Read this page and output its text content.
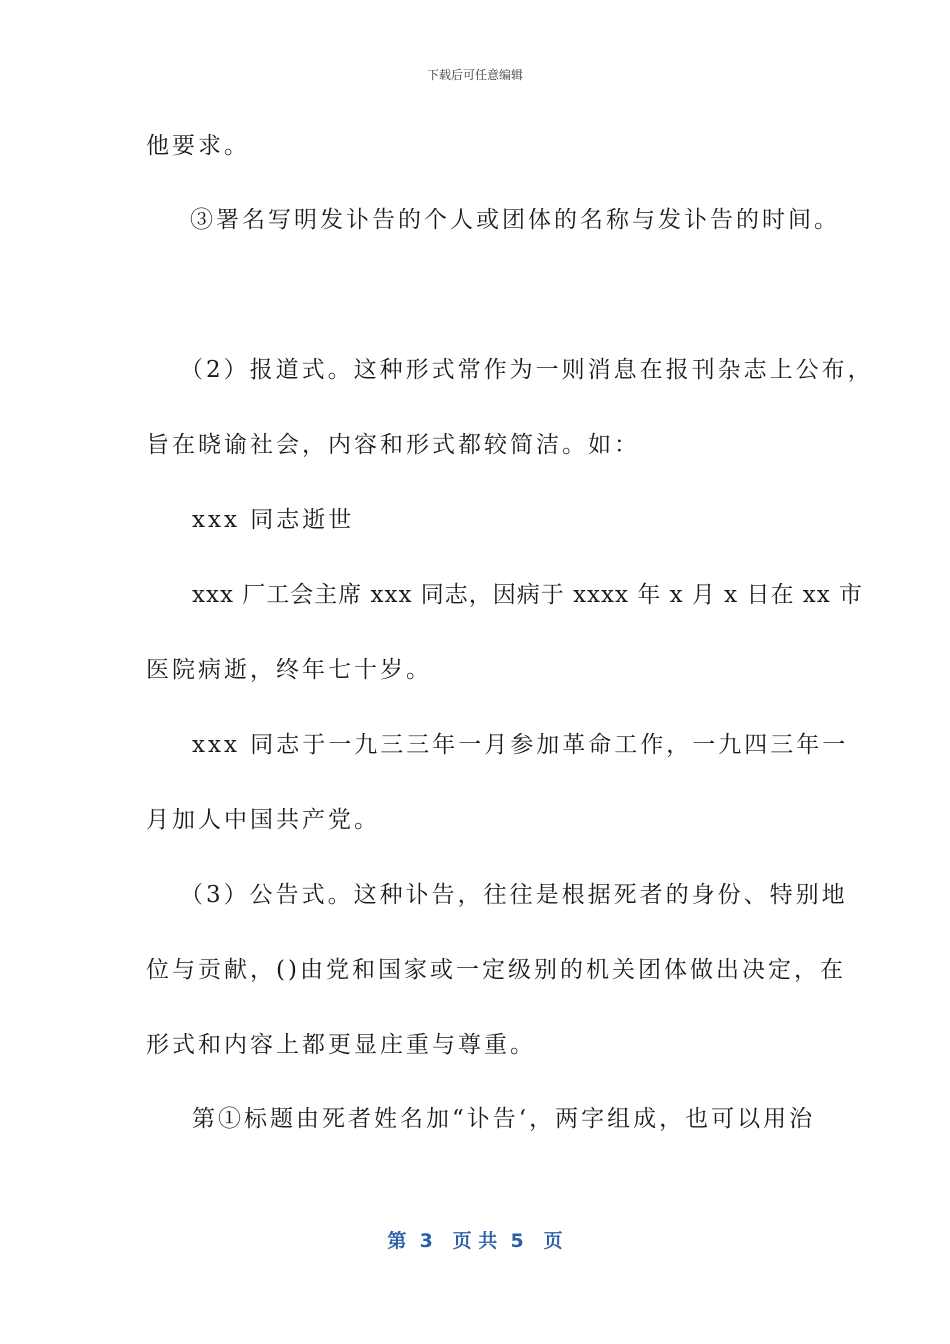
下载后可任意编辑
他要求。
③署名写明发讣告的个人或团体的名称与发讣告的时间。
（2）报道式。这种形式常作为一则消息在报刊杂志上公布，
旨在晓谕社会，内容和形式都较简洁。如：
xxx 同志逝世
xxx 厂工会主席 xxx 同志，因病于 xxxx 年 x 月 x 日在 xx 市
医院病逝，终年七十岁。
xxx 同志于一九三三年一月参加革命工作，一九四三年一
月加人中国共产党。
（3）公告式。这种讣告，往往是根据死者的身份、特别地
位与贡献，()由党和国家或一定级别的机关团体做出决定，在
形式和内容上都更显庄重与尊重。
第①标题由死者姓名加“讣告‘，两字组成，也可以用治
第  3   页 共  5   页
